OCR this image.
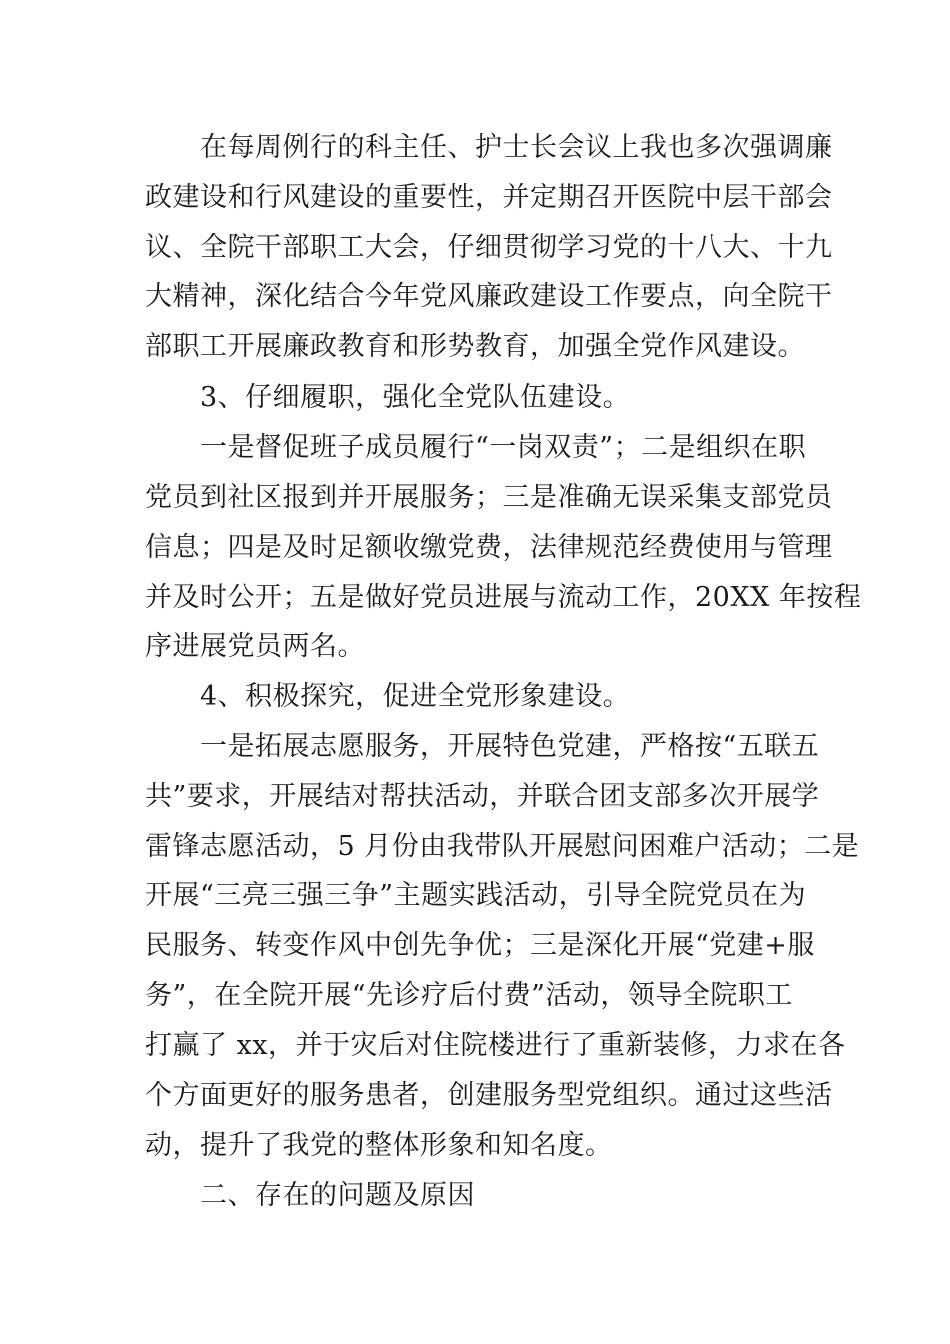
　　在每周例行的科主任、护士长会议上我也多次强调廉
政建设和行风建设的重要性，并定期召开医院中层干部会
议、全院干部职工大会，仔细贯彻学习党的十八大、十九
大精神，深化结合今年党风廉政建设工作要点，向全院干
部职工开展廉政教育和形势教育，加强全党作风建设。
　　3、仔细履职，强化全党队伍建设。
　　一是督促班子成员履行“一岗双责”；二是组织在职
党员到社区报到并开展服务；三是准确无误采集支部党员
信息；四是及时足额收缴党费，法律规范经费使用与管理
并及时公开；五是做好党员进展与流动工作，20XX 年按程
序进展党员两名。
　　4、积极探究，促进全党形象建设。
　　一是拓展志愿服务，开展特色党建，严格按“五联五
共”要求，开展结对帮扶活动，并联合团支部多次开展学
雷锋志愿活动，5 月份由我带队开展慰问困难户活动；二是
开展“三亮三强三争”主题实践活动，引导全院党员在为
民服务、转变作风中创先争优；三是深化开展“党建+服
务”，在全院开展“先诊疗后付费”活动，领导全院职工
打赢了 xx，并于灾后对住院楼进行了重新装修，力求在各
个方面更好的服务患者，创建服务型党组织。通过这些活
动，提升了我党的整体形象和知名度。
　　二、存在的问题及原因
